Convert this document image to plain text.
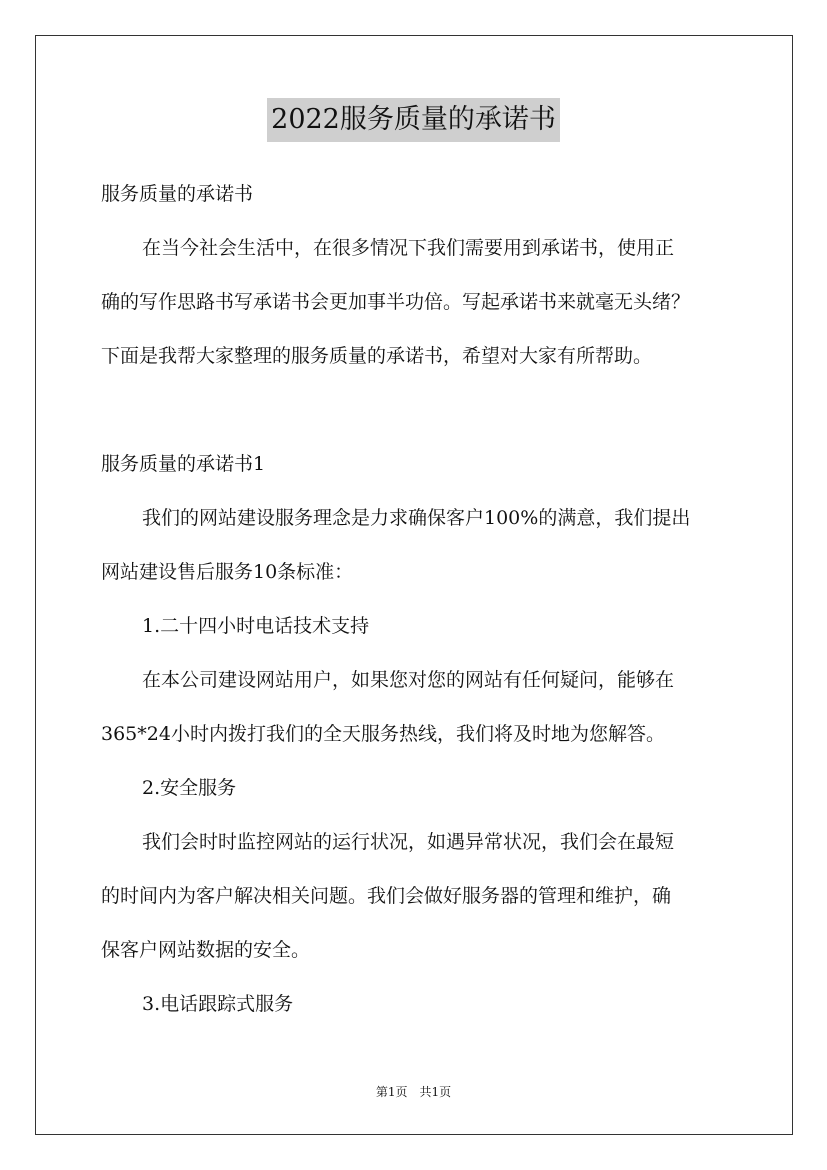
2022服务质量的承诺书
服务质量的承诺书
在当今社会生活中，在很多情况下我们需要用到承诺书，使用正
确的写作思路书写承诺书会更加事半功倍。写起承诺书来就毫无头绪？
下面是我帮大家整理的服务质量的承诺书，希望对大家有所帮助。
服务质量的承诺书1
我们的网站建设服务理念是力求确保客户100%的满意，我们提出
网站建设售后服务10条标准：
1.二十四小时电话技术支持
在本公司建设网站用户，如果您对您的网站有任何疑问，能够在
365*24小时内拨打我们的全天服务热线，我们将及时地为您解答。
2.安全服务
我们会时时监控网站的运行状况，如遇异常状况，我们会在最短
的时间内为客户解决相关问题。我们会做好服务器的管理和维护，确
保客户网站数据的安全。
3.电话跟踪式服务
第1页 共1页
